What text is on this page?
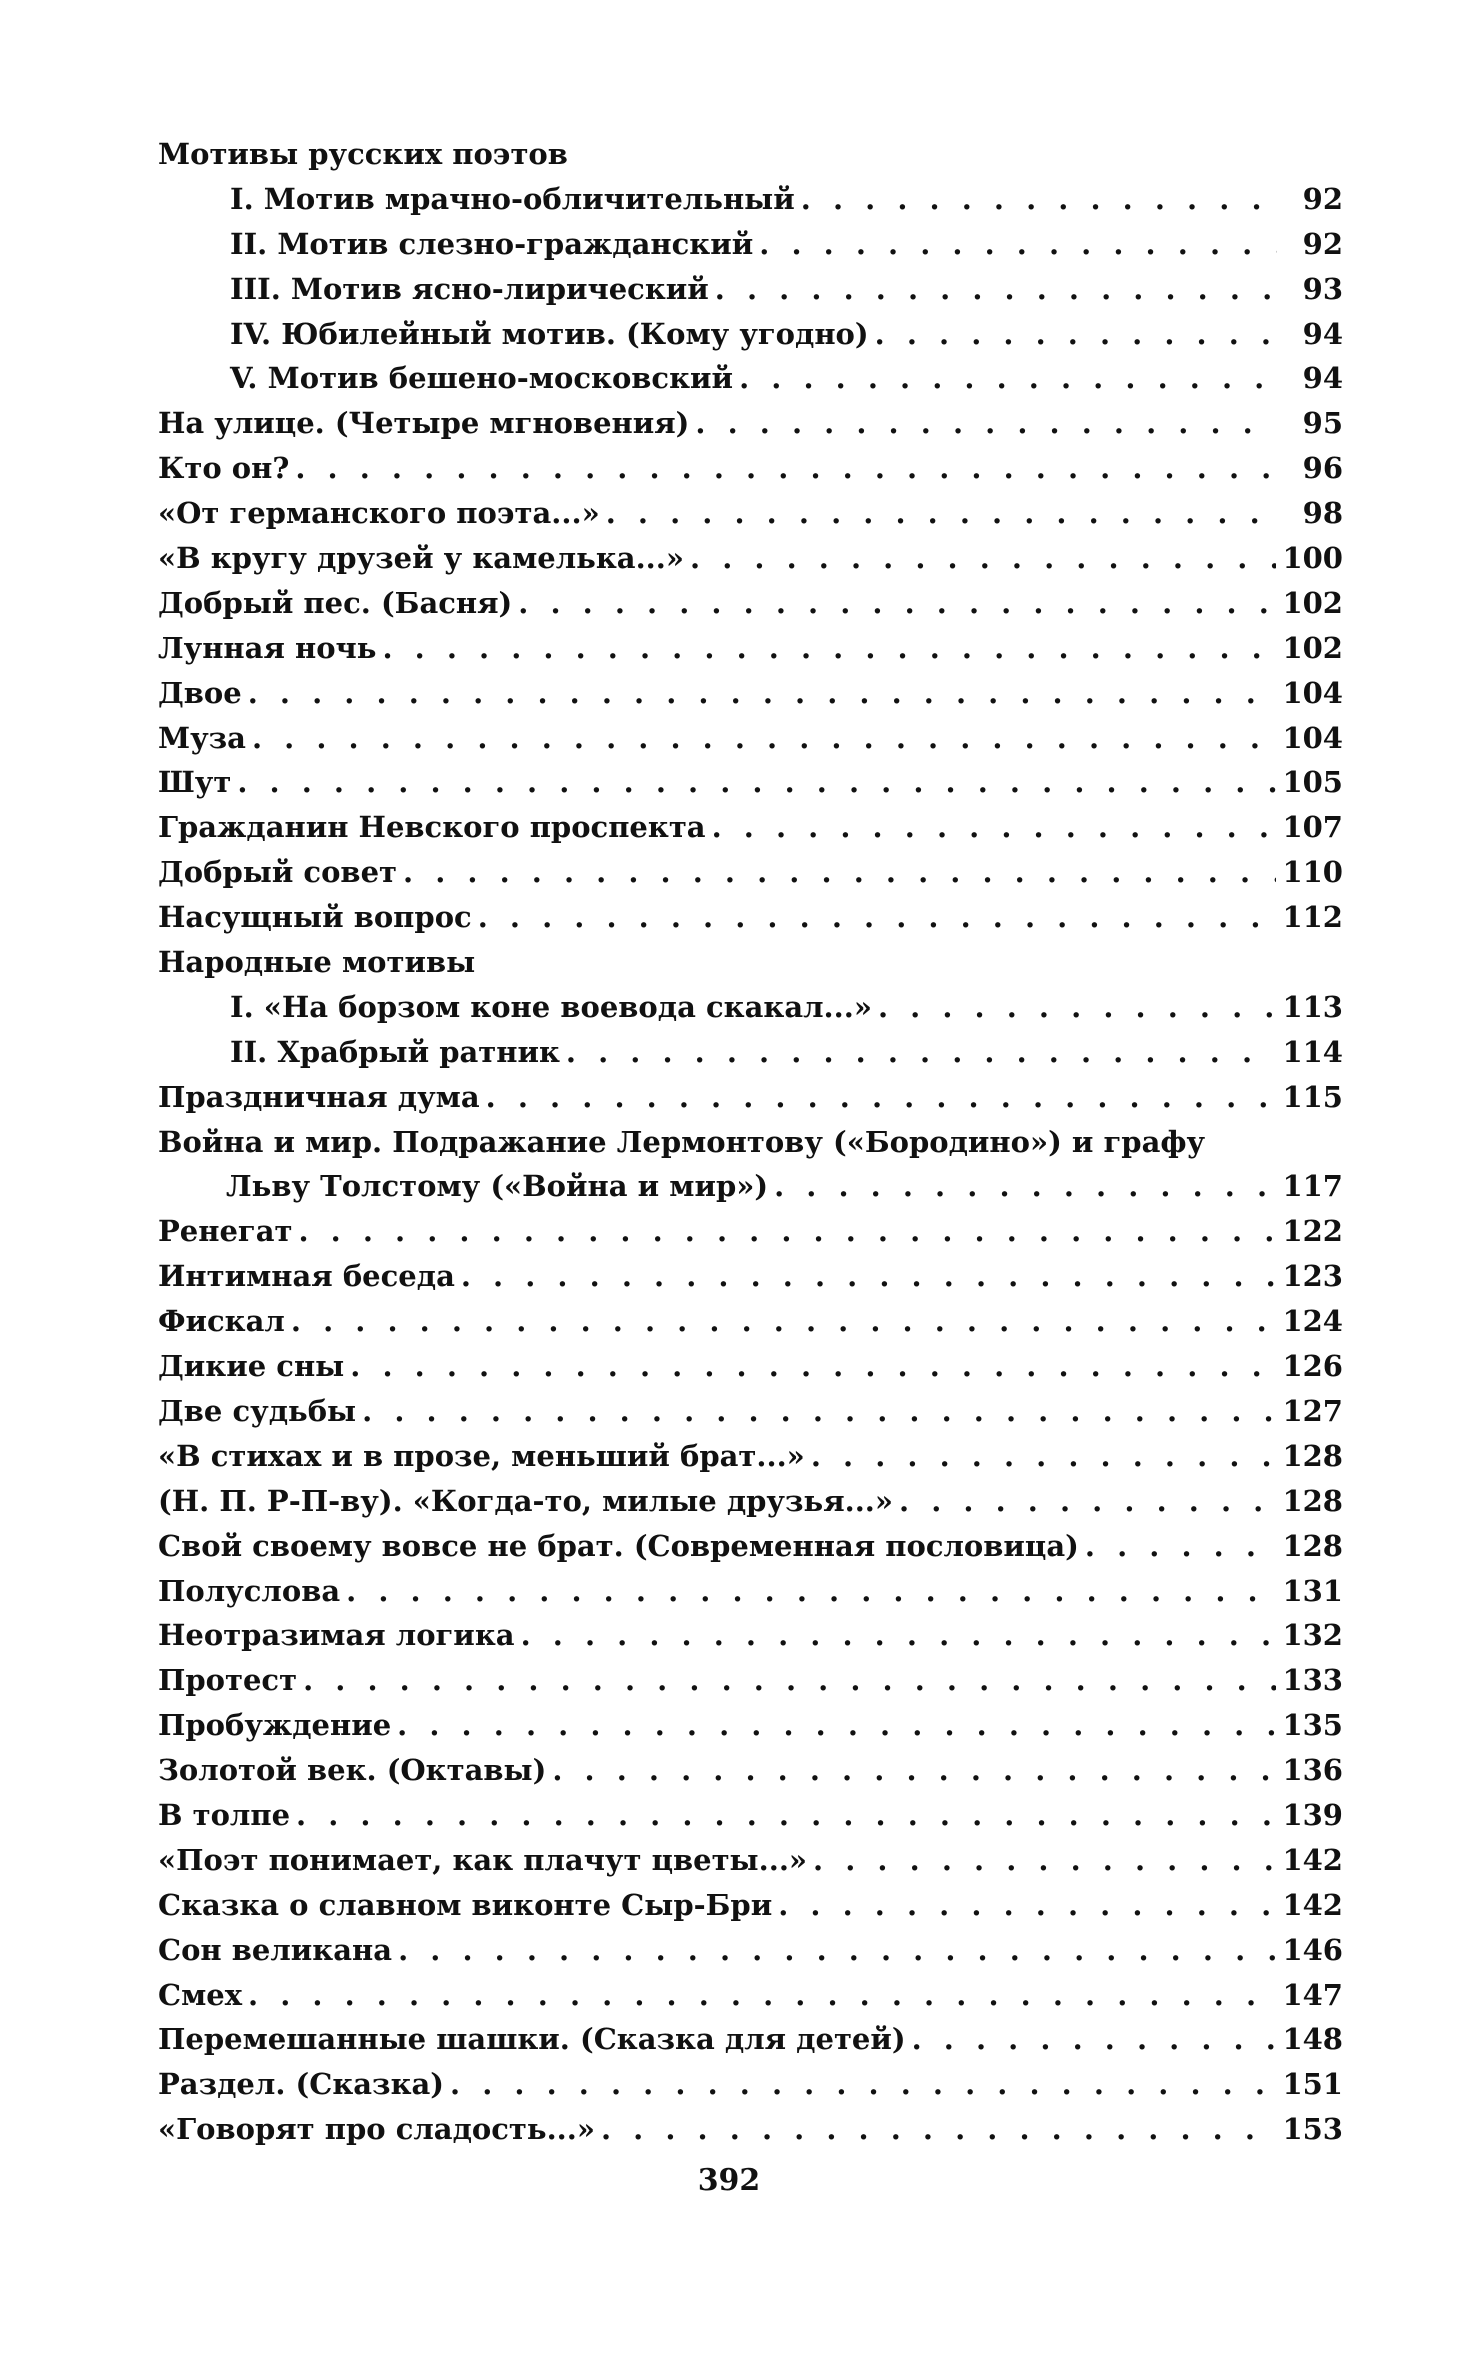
Мотивы русских поэтов
I. Мотив мрачно-обличительный . . .	92
II. Мотив слезно-гражданский . . .	92
III. Мотив ясно-лирический . . .	93
IV. Юбилейный мотив. (Кому угодно) . . .	94
V. Мотив бешено-московский . . .	94
На улице. (Четыре мгновения) . . .	95
Кто он? . . .	96
«От германского поэта...» . . .	98
«В кругу друзей у камелька...» . . .	100
Добрый пес. (Басня) . . .	102
Лунная ночь . . .	102
Двое . . .	104
Муза . . .	104
Шут . . .	105
Гражданин Невского проспекта . . .	107
Добрый совет . . .	110
Насущный вопрос . . .	112
Народные мотивы
I. «На борзом коне воевода скакал...» . . .	113
II. Храбрый ратник . . .	114
Праздничная дума . . .	115
Война и мир. Подражание Лермонтову («Бородино») и графу
Льву Толстому («Война и мир») . . .	117
Ренегат . . .	122
Интимная беседа . . .	123
Фискал . . .	124
Дикие сны . . .	126
Две судьбы . . .	127
«В стихах и в прозе, меньший брат...» . . .	128
(Н. П. Р-П-ву). «Когда-то, милые друзья...» . . .	128
Свой своему вовсе не брат. (Современная пословица) . . .	128
Полуслова . . .	131
Неотразимая логика . . .	132
Протест . . .	133
Пробуждение . . .	135
Золотой век. (Октавы) . . .	136
В толпе . . .	139
«Поэт понимает, как плачут цветы...» . . .	142
Сказка о славном виконте Сыр-Бри . . .	142
Сон великана . . .	146
Смех . . .	147
Перемешанные шашки. (Сказка для детей) . . .	148
Раздел. (Сказка) . . .	151
«Говорят про сладость...» . . .	153
392
